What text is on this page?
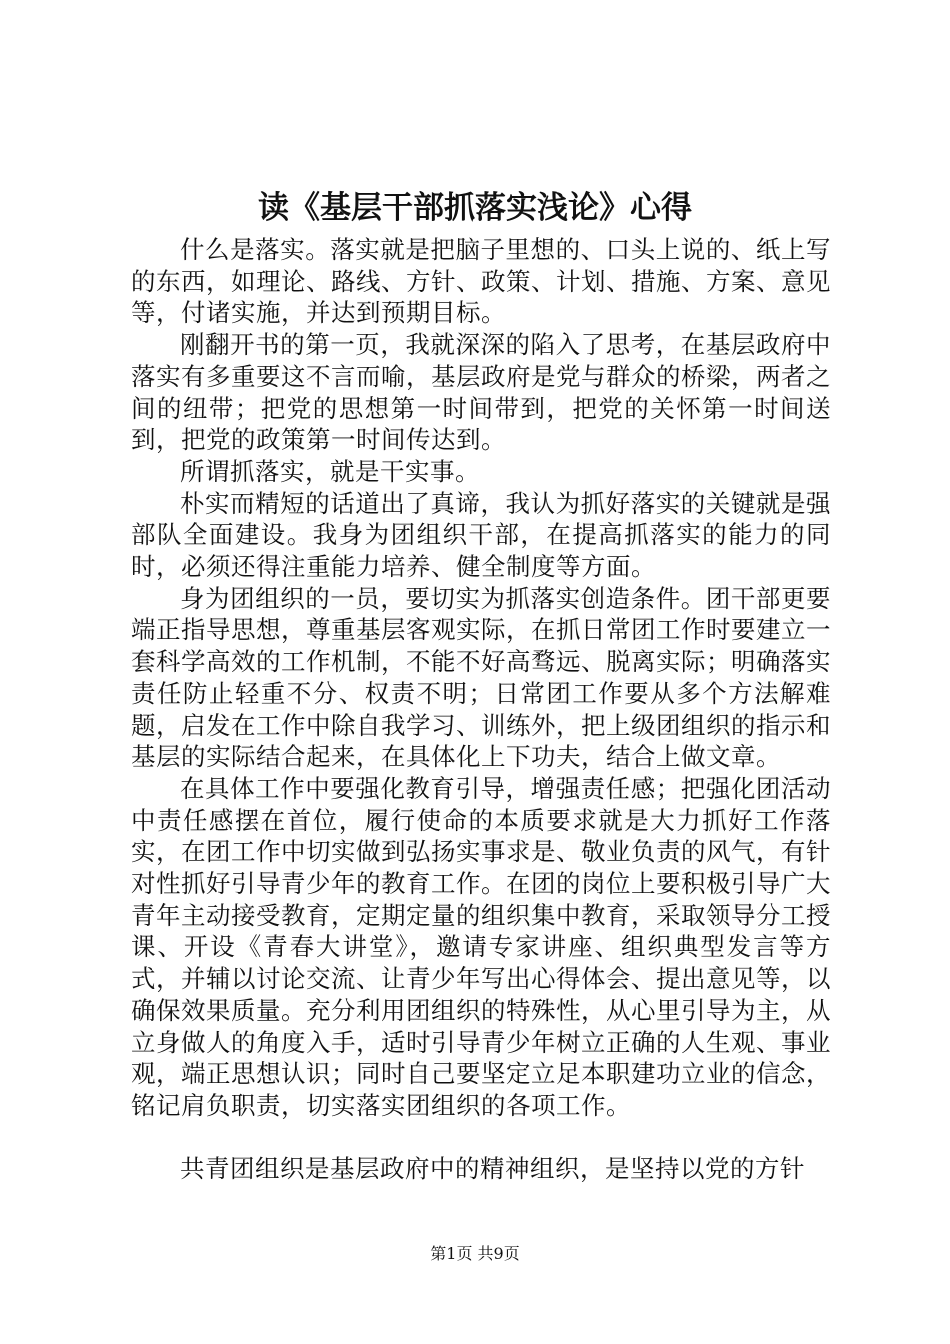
读《基层干部抓落实浅论》心得

什么是落实。落实就是把脑子里想的、口头上说的、纸上写的东西，如理论、路线、方针、政策、计划、措施、方案、意见等，付诸实施，并达到预期目标。

刚翻开书的第一页，我就深深的陷入了思考，在基层政府中落实有多重要这不言而喻，基层政府是党与群众的桥梁，两者之间的纽带；把党的思想第一时间带到，把党的关怀第一时间送到，把党的政策第一时间传达到。

所谓抓落实，就是干实事。

朴实而精短的话道出了真谛，我认为抓好落实的关键就是强部队全面建设。我身为团组织干部，在提高抓落实的能力的同时，必须还得注重能力培养、健全制度等方面。

身为团组织的一员，要切实为抓落实创造条件。团干部更要端正指导思想，尊重基层客观实际，在抓日常团工作时要建立一套科学高效的工作机制，不能不好高骛远、脱离实际；明确落实责任防止轻重不分、权责不明；日常团工作要从多个方法解难题，启发在工作中除自我学习、训练外，把上级团组织的指示和基层的实际结合起来，在具体化上下功夫，结合上做文章。

在具体工作中要强化教育引导，增强责任感；把强化团活动中责任感摆在首位，履行使命的本质要求就是大力抓好工作落实，在团工作中切实做到弘扬实事求是、敬业负责的风气，有针对性抓好引导青少年的教育工作。在团的岗位上要积极引导广大青年主动接受教育，定期定量的组织集中教育，采取领导分工授课、开设《青春大讲堂》，邀请专家讲座、组织典型发言等方式，并辅以讨论交流、让青少年写出心得体会、提出意见等，以确保效果质量。充分利用团组织的特殊性，从心里引导为主，从立身做人的角度入手，适时引导青少年树立正确的人生观、事业观，端正思想认识；同时自己要坚定立足本职建功立业的信念，铭记肩负职责，切实落实团组织的各项工作。

共青团组织是基层政府中的精神组织，是坚持以党的方针

第1页 共9页
